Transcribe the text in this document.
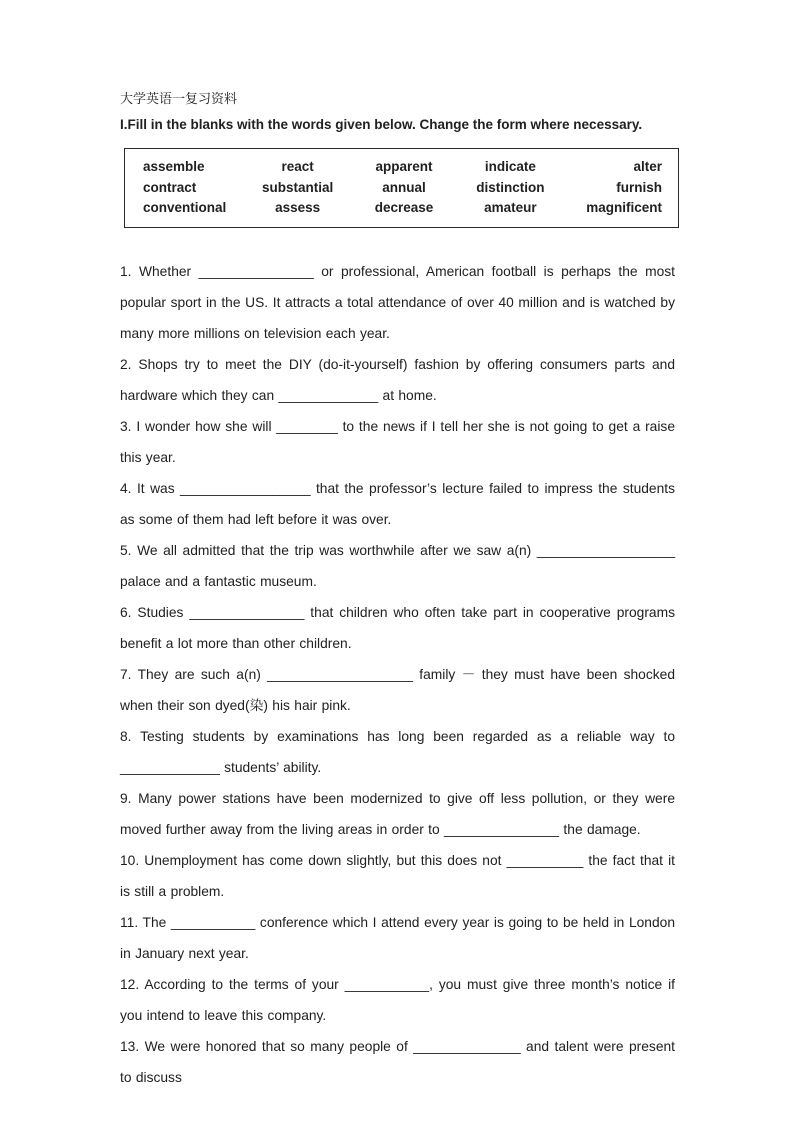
大学英语一复习资料

I.Fill in the blanks with the words given below. Change the form where necessary.

assemble	react	apparent	indicate	alter
contract	substantial	annual	distinction	furnish
conventional	assess	decrease	amateur	magnificent

1. Whether _______________ or professional, American football is perhaps the most popular sport in the US. It attracts a total attendance of over 40 million and is watched by many more millions on television each year.

2. Shops try to meet the DIY (do-it-yourself) fashion by offering consumers parts and hardware which they can _____________ at home.

3. I wonder how she will ________ to the news if I tell her she is not going to get a raise this year.

4. It was _________________ that the professor’s lecture failed to impress the students as some of them had left before it was over.

5. We all admitted that the trip was worthwhile after we saw a(n) __________________ palace and a fantastic museum.

6. Studies _______________ that children who often take part in cooperative programs benefit a lot more than other children.

7. They are such a(n) ___________________ family － they must have been shocked when their son dyed(染) his hair pink.

8. Testing students by examinations has long been regarded as a reliable way to _____________ students’ ability.

9. Many power stations have been modernized to give off less pollution, or they were moved further away from the living areas in order to _______________ the damage.

10. Unemployment has come down slightly, but this does not __________ the fact that it is still a problem.

11. The ___________ conference which I attend every year is going to be held in London in January next year.

12. According to the terms of your ___________, you must give three month’s notice if you intend to leave this company.

13. We were honored that so many people of ______________ and talent were present to discuss
